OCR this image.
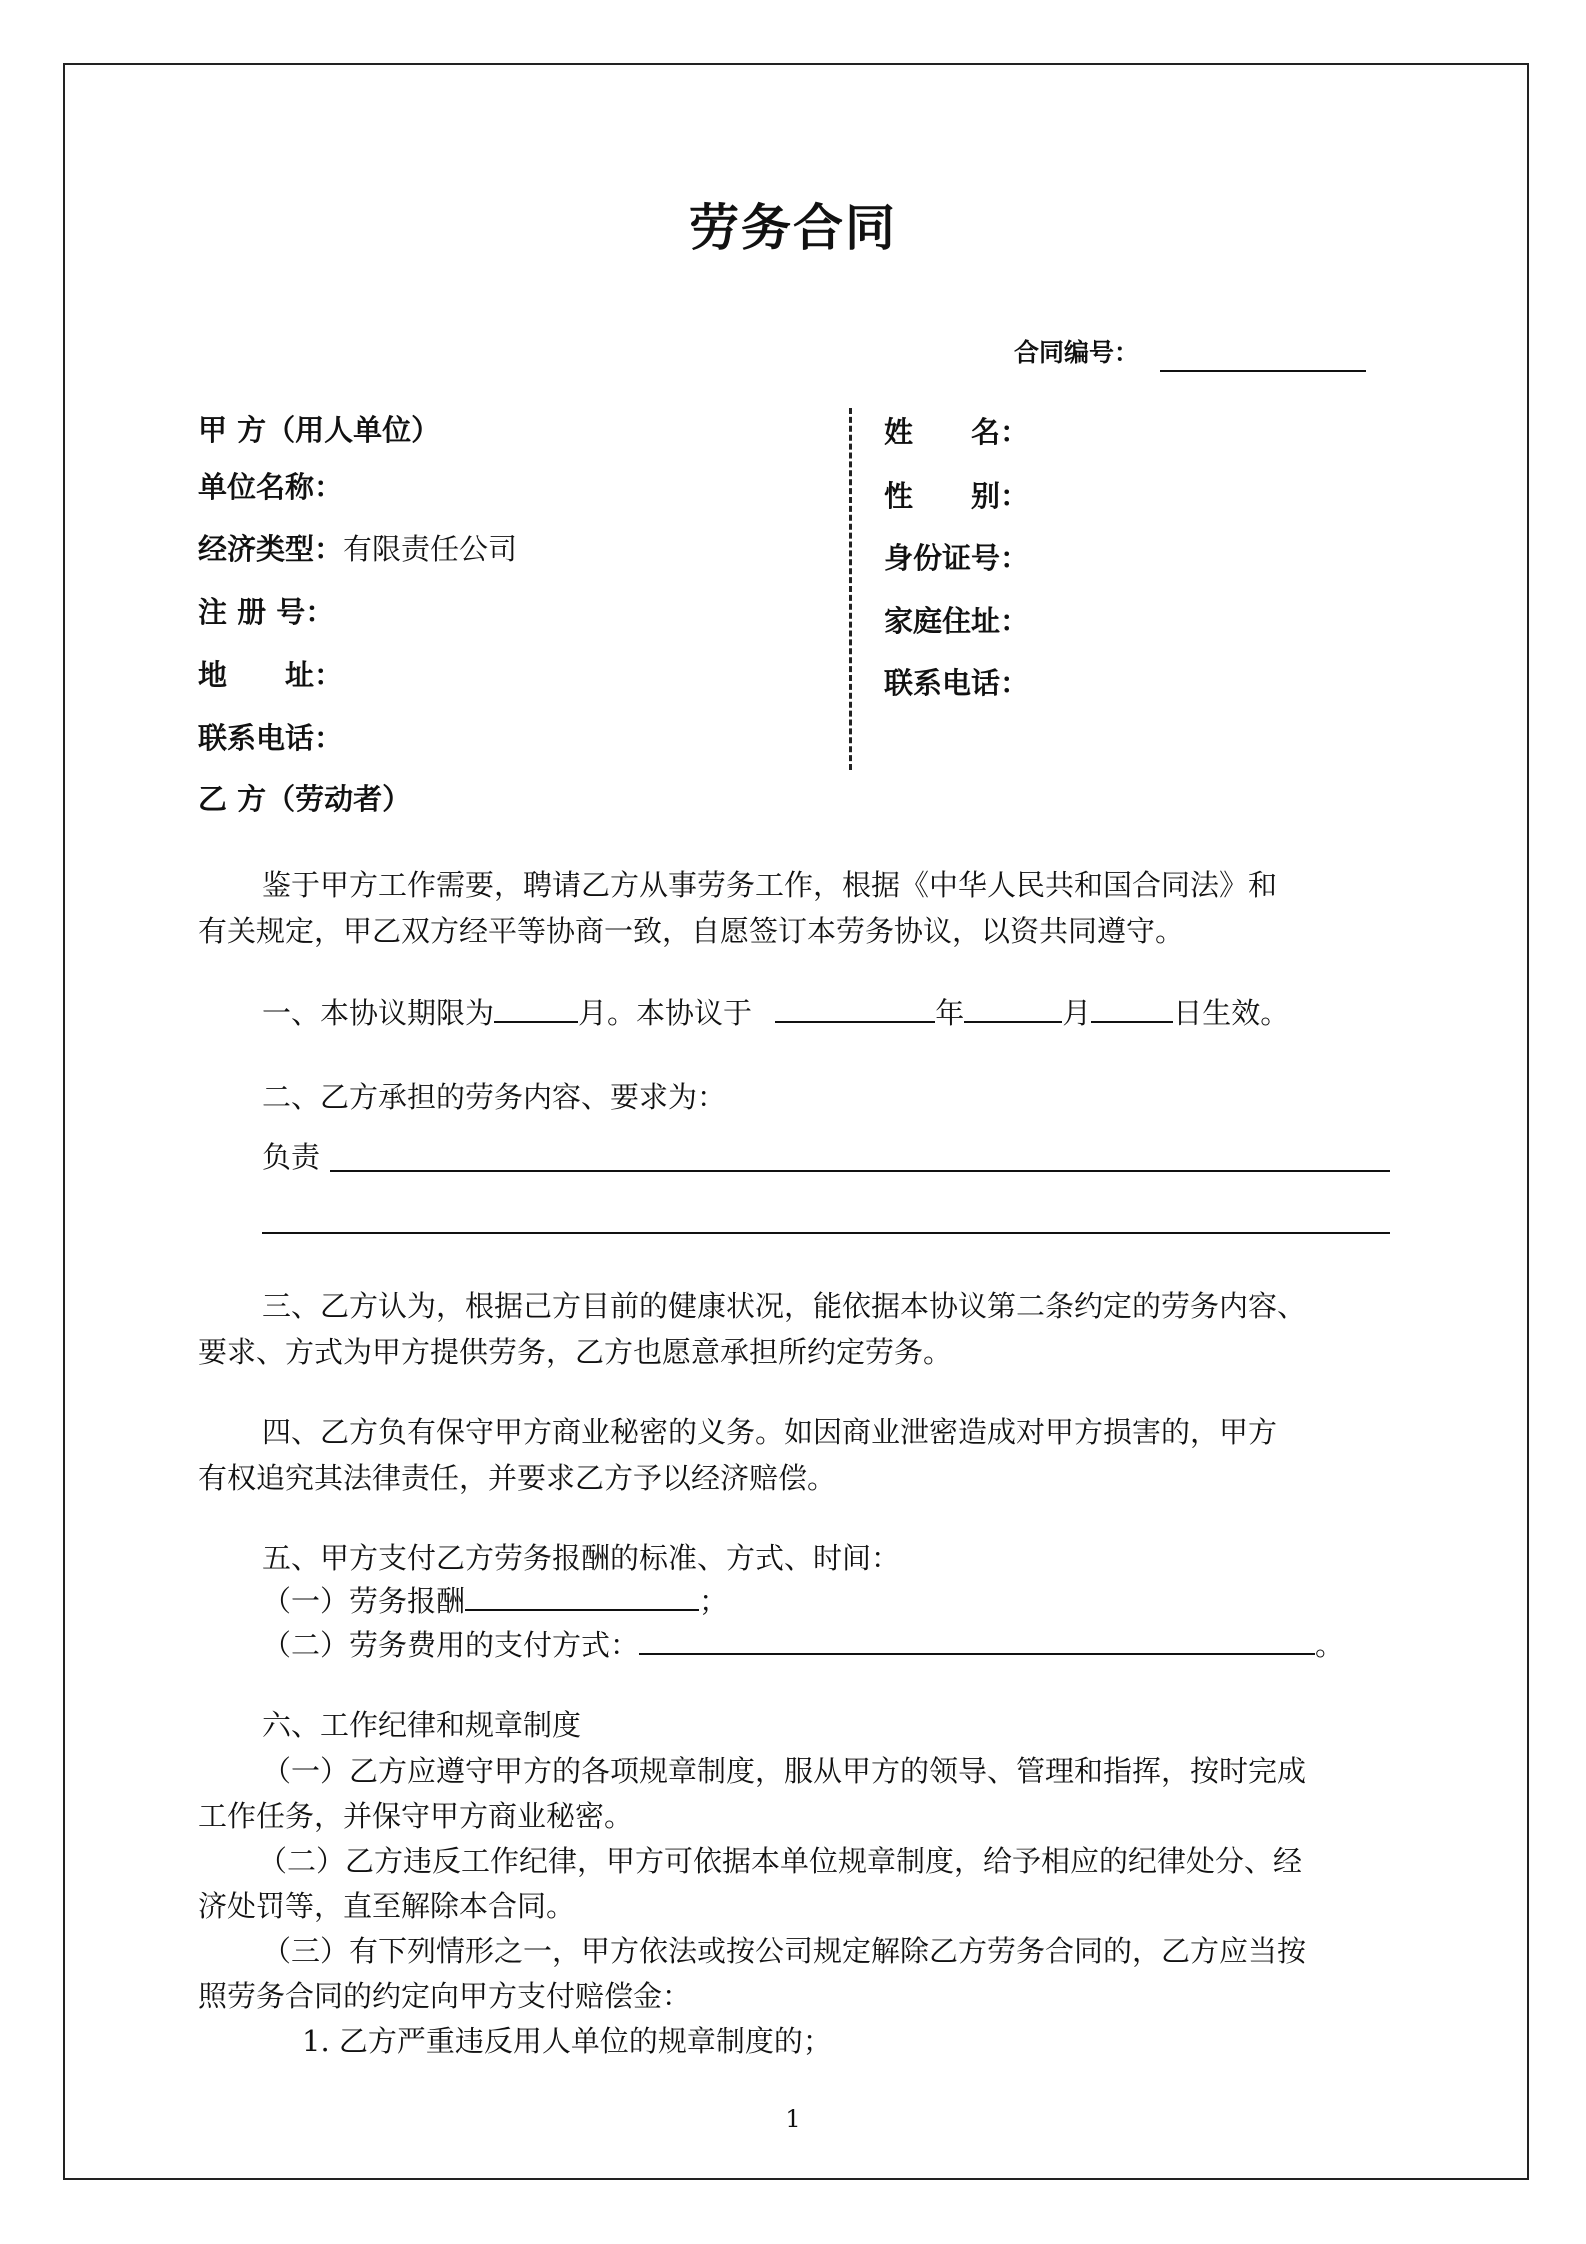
劳务合同
合同编号：
甲 方（用人单位）
单位名称：
经济类型：有限责任公司
注 册 号：
地　　址：
联系电话：
乙 方（劳动者）
姓　　名：
性　　别：
身份证号：
家庭住址：
联系电话：
鉴于甲方工作需要，聘请乙方从事劳务工作，根据《中华人民共和国合同法》和
有关规定，甲乙双方经平等协商一致，自愿签订本劳务协议，以资共同遵守。
一、本协议期限为	月。本协议于	年	月	日生效。
二、乙方承担的劳务内容、要求为：
负责
三、乙方认为，根据己方目前的健康状况，能依据本协议第二条约定的劳务内容、
要求、方式为甲方提供劳务，乙方也愿意承担所约定劳务。
四、乙方负有保守甲方商业秘密的义务。如因商业泄密造成对甲方损害的，甲方
有权追究其法律责任，并要求乙方予以经济赔偿。
五、甲方支付乙方劳务报酬的标准、方式、时间：
（一）劳务报酬	；
（二）劳务费用的支付方式：	。
六、工作纪律和规章制度
（一）乙方应遵守甲方的各项规章制度，服从甲方的领导、管理和指挥，按时完成
工作任务，并保守甲方商业秘密。
（二）乙方违反工作纪律，甲方可依据本单位规章制度，给予相应的纪律处分、经
济处罚等，直至解除本合同。
（三）有下列情形之一，甲方依法或按公司规定解除乙方劳务合同的，乙方应当按
照劳务合同的约定向甲方支付赔偿金：
1. 乙方严重违反用人单位的规章制度的；
1
